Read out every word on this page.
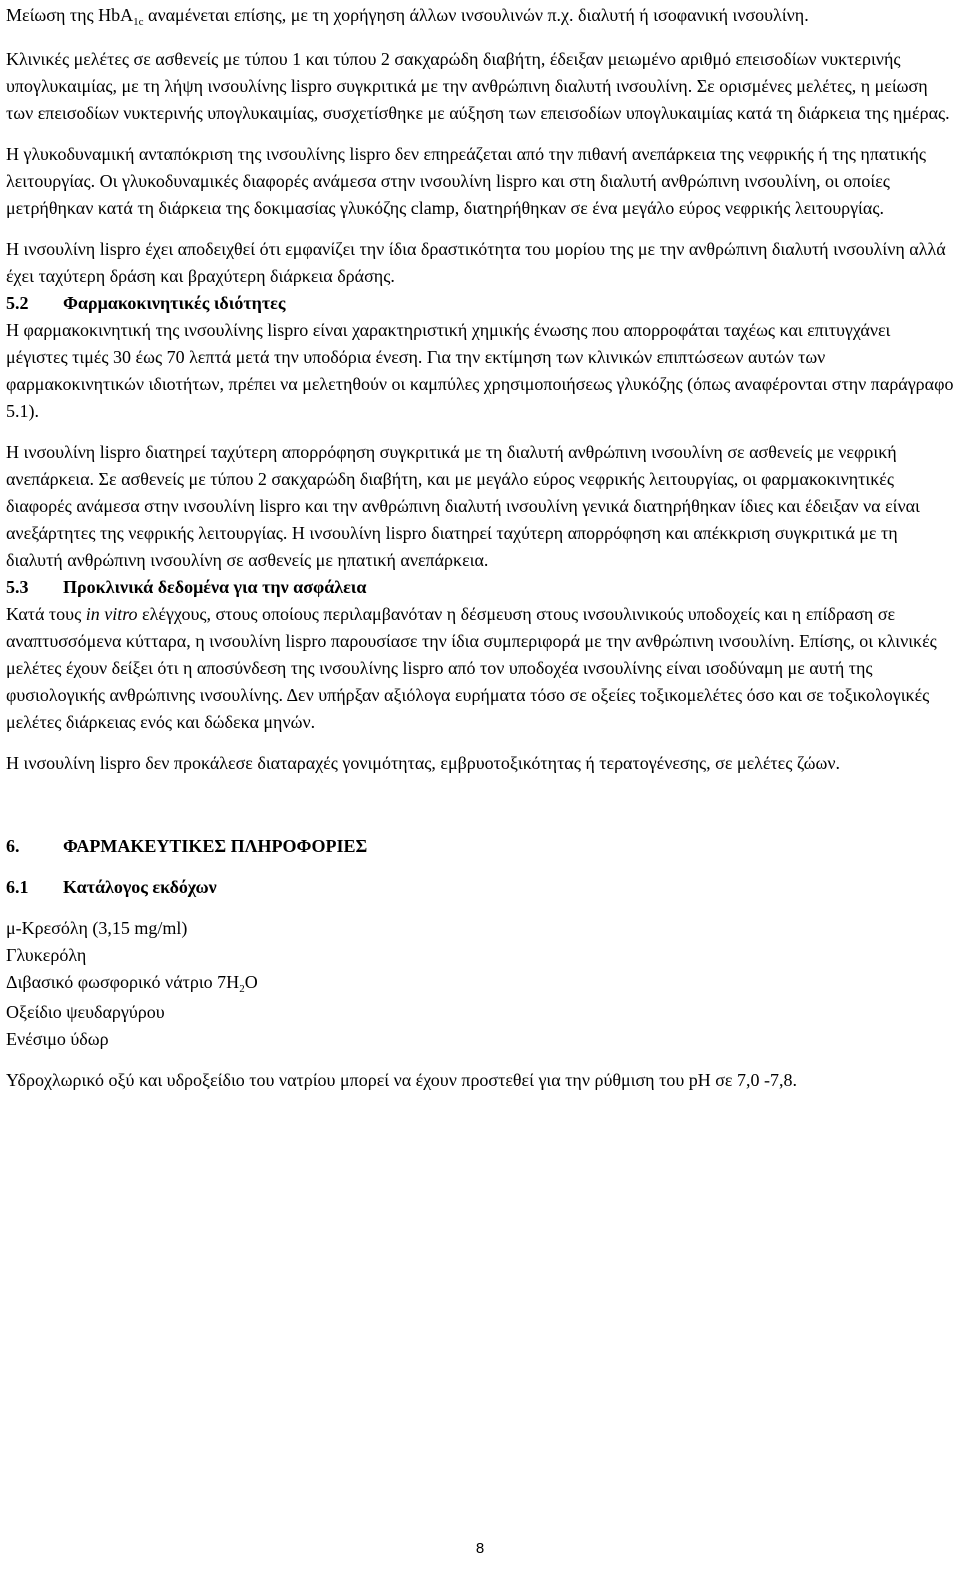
Μείωση της HbA$_{1c}$ αναμένεται επίσης, με τη χορήγηση άλλων ινσουλινών π.χ. διαλυτή ή ισοφανική ινσουλίνη.

Κλινικές μελέτες σε ασθενείς με τύπου 1 και τύπου 2 σακχαρώδη διαβήτη, έδειξαν μειωμένο αριθμό επεισοδίων νυκτερινής υπογλυκαιμίας, με τη λήψη ινσουλίνης lispro συγκριτικά με την ανθρώπινη διαλυτή ινσουλίνη. Σε ορισμένες μελέτες, η μείωση των επεισοδίων νυκτερινής υπογλυκαιμίας, συσχετίσθηκε με αύξηση των επεισοδίων υπογλυκαιμίας κατά τη διάρκεια της ημέρας.

Η γλυκοδυναμική ανταπόκριση της ινσουλίνης lispro δεν επηρεάζεται από την πιθανή ανεπάρκεια της νεφρικής ή της ηπατικής λειτουργίας. Οι γλυκοδυναμικές διαφορές ανάμεσα στην ινσουλίνη lispro και στη διαλυτή ανθρώπινη ινσουλίνη, οι οποίες μετρήθηκαν κατά τη διάρκεια της δοκιμασίας γλυκόζης clamp, διατηρήθηκαν σε ένα μεγάλο εύρος νεφρικής λειτουργίας.

Η ινσουλίνη lispro έχει αποδειχθεί ότι εμφανίζει την ίδια δραστικότητα του μορίου της με την ανθρώπινη διαλυτή ινσουλίνη αλλά έχει ταχύτερη δράση και βραχύτερη διάρκεια δράσης.

5.2 Φαρμακοκινητικές ιδιότητες

Η φαρμακοκινητική της ινσουλίνης lispro είναι χαρακτηριστική χημικής ένωσης που απορροφάται ταχέως και επιτυγχάνει μέγιστες τιμές 30 έως 70 λεπτά μετά την υποδόρια ένεση. Για την εκτίμηση των κλινικών επιπτώσεων αυτών των φαρμακοκινητικών ιδιοτήτων, πρέπει να μελετηθούν οι καμπύλες χρησιμοποιήσεως γλυκόζης (όπως αναφέρονται στην παράγραφο 5.1).

Η ινσουλίνη lispro διατηρεί ταχύτερη απορρόφηση συγκριτικά με τη διαλυτή ανθρώπινη ινσουλίνη σε ασθενείς με νεφρική ανεπάρκεια. Σε ασθενείς με τύπου 2 σακχαρώδη διαβήτη, και με μεγάλο εύρος νεφρικής λειτουργίας, οι φαρμακοκινητικές διαφορές ανάμεσα στην ινσουλίνη lispro και την ανθρώπινη διαλυτή ινσουλίνη γενικά διατηρήθηκαν ίδιες και έδειξαν να είναι ανεξάρτητες της νεφρικής λειτουργίας. Η ινσουλίνη lispro διατηρεί ταχύτερη απορρόφηση και απέκκριση συγκριτικά με τη διαλυτή ανθρώπινη ινσουλίνη σε ασθενείς με ηπατική ανεπάρκεια.

5.3 Προκλινικά δεδομένα για την ασφάλεια

Κατά τους in vitro ελέγχους, στους οποίους περιλαμβανόταν η δέσμευση στους ινσουλινικούς υποδοχείς και η επίδραση σε αναπτυσσόμενα κύτταρα, η ινσουλίνη lispro παρουσίασε την ίδια συμπεριφορά με την ανθρώπινη ινσουλίνη. Επίσης, οι κλινικές μελέτες έχουν δείξει ότι η αποσύνδεση της ινσουλίνης lispro από τον υποδοχέα ινσουλίνης είναι ισοδύναμη με αυτή της φυσιολογικής ανθρώπινης ινσουλίνης. Δεν υπήρξαν αξιόλογα ευρήματα τόσο σε οξείες τοξικομελέτες όσο και σε τοξικολογικές μελέτες διάρκειας ενός και δώδεκα μηνών.

Η ινσουλίνη lispro δεν προκάλεσε διαταραχές γονιμότητας, εμβρυοτοξικότητας ή τερατογένεσης, σε μελέτες ζώων.

6. ΦΑΡΜΑΚΕΥΤΙΚΕΣ ΠΛΗΡΟΦΟΡΙΕΣ

6.1 Κατάλογος εκδόχων

μ-Κρεσόλη (3,15 mg/ml)

Γλυκερόλη

Διβασικό φωσφορικό νάτριο $7H_2O$

Οξείδιο ψευδαργύρου

Ενέσιμο ύδωρ

Υδροχλωρικό οξύ και υδροξείδιο του νατρίου μπορεί να έχουν προστεθεί για την ρύθμιση του pH σε 7,0 -7,8.

8
